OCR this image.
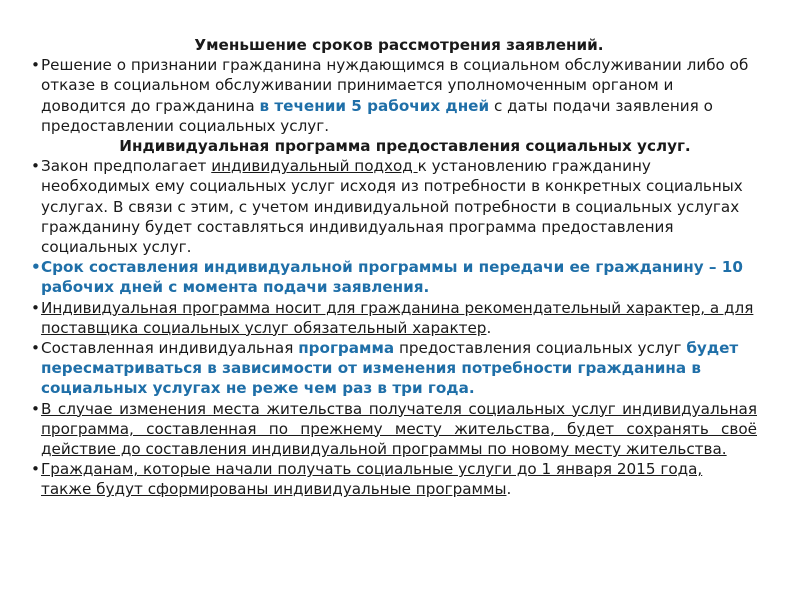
Уменьшение сроков рассмотрения заявлений.
• Решение о признании гражданина нуждающимся в социальном обслуживании либо об отказе в социальном обслуживании принимается уполномоченным органом и доводится до гражданина в течении 5 рабочих дней с даты подачи заявления о предоставлении социальных услуг.
Индивидуальная программа предоставления социальных услуг.
• Закон предполагает индивидуальный подход к установлению гражданину необходимых ему социальных услуг исходя из потребности в конкретных социальных услугах. В связи с этим, с учетом индивидуальной потребности в социальных услугах гражданину будет составляться индивидуальная программа предоставления социальных услуг.
• Срок составления индивидуальной программы и передачи ее гражданину – 10 рабочих дней с момента подачи заявления.
• Индивидуальная программа носит для гражданина рекомендательный характер, а для поставщика социальных услуг обязательный характер.
• Составленная индивидуальная программа предоставления социальных услуг будет пересматриваться в зависимости от изменения потребности гражданина в социальных услугах не реже чем раз в три года.
• В случае изменения места жительства получателя социальных услуг индивидуальная программа, составленная по прежнему месту жительства, будет сохранять своё действие до составления индивидуальной программы по новому месту жительства.
• Гражданам, которые начали получать социальные услуги до 1 января 2015 года, также будут сформированы индивидуальные программы.
